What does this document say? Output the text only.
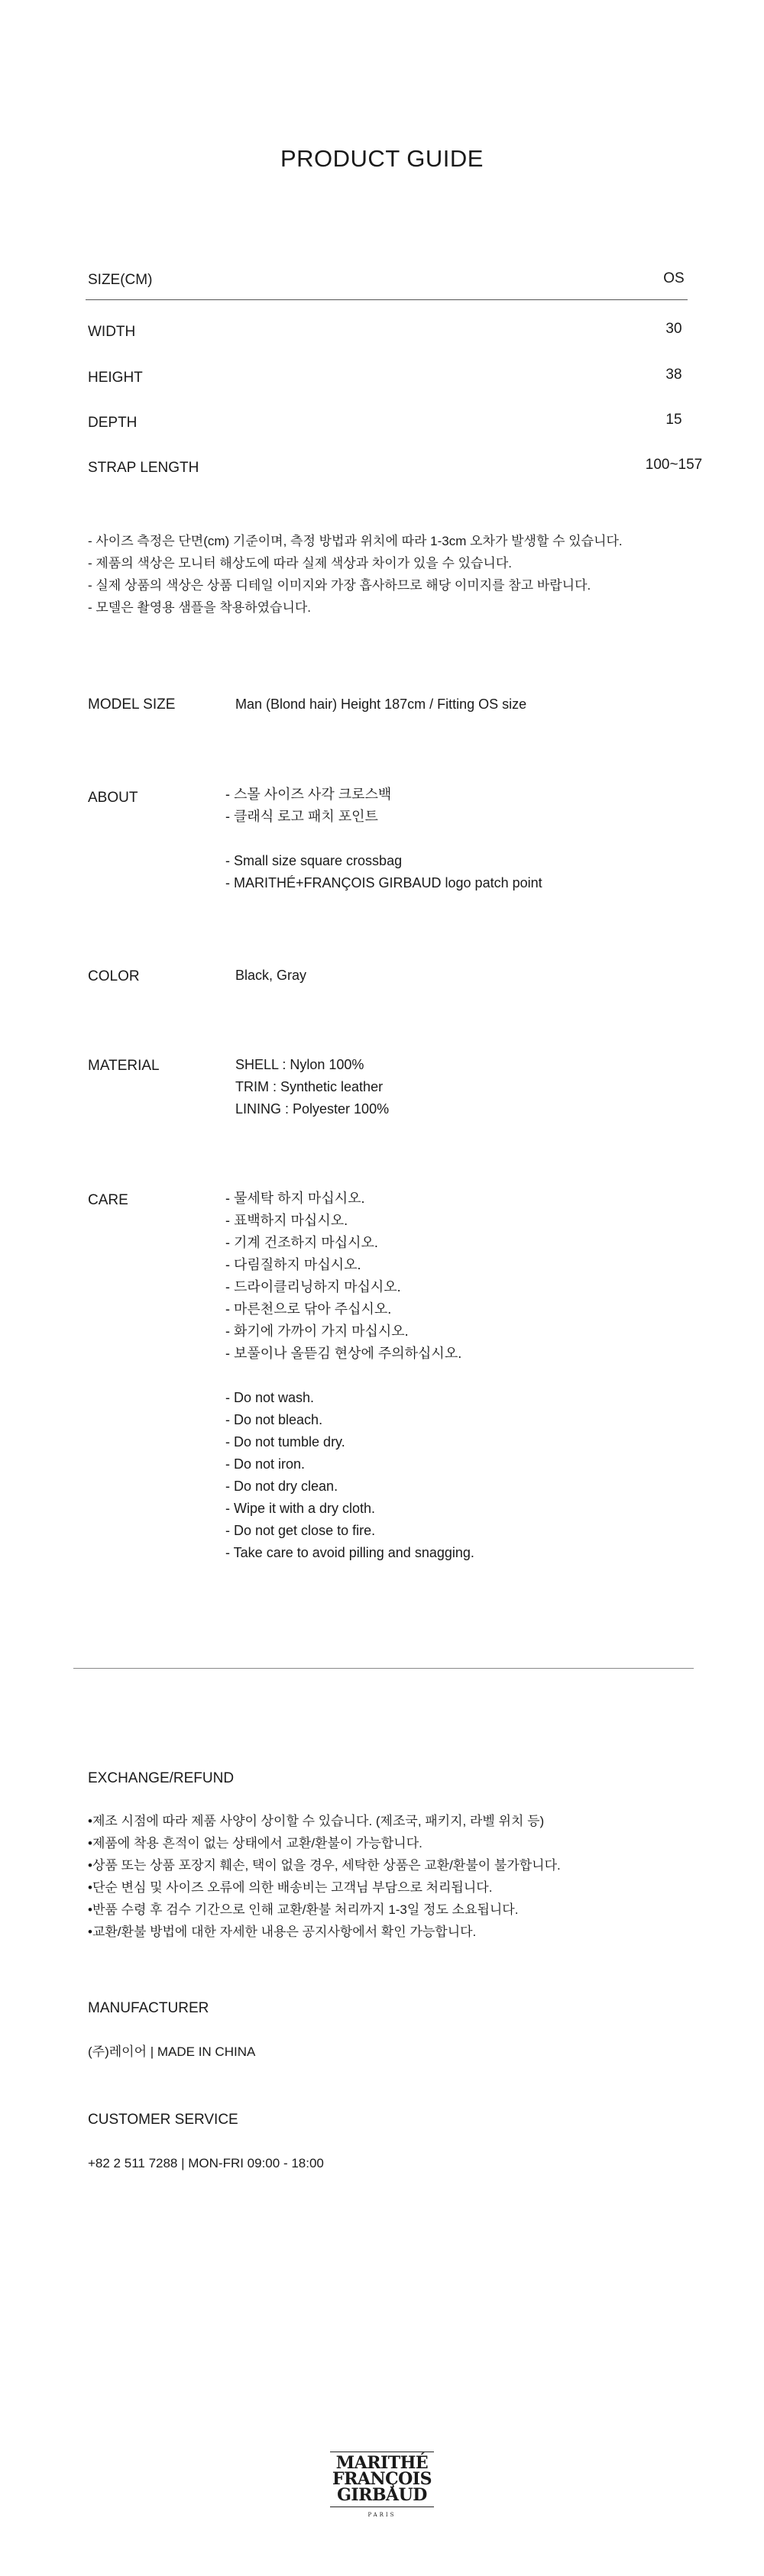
PRODUCT GUIDE
SIZE(CM)	OS
WIDTH	30
HEIGHT	38
DEPTH	15
STRAP LENGTH	100~157
- 사이즈 측정은 단면(cm) 기준이며, 측정 방법과 위치에 따라 1-3cm 오차가 발생할 수 있습니다.
- 제품의 색상은 모니터 해상도에 따라 실제 색상과 차이가 있을 수 있습니다.
- 실제 상품의 색상은 상품 디테일 이미지와 가장 흡사하므로 해당 이미지를 참고 바랍니다.
- 모델은 촬영용 샘플을 착용하였습니다.
MODEL SIZE	Man (Blond hair) Height 187cm / Fitting OS size
ABOUT	- 스몰 사이즈 사각 크로스백
- 클래식 로고 패치 포인트
- Small size square crossbag
- MARITHÉ+FRANÇOIS GIRBAUD logo patch point
COLOR	Black, Gray
MATERIAL	SHELL : Nylon 100%
TRIM : Synthetic leather
LINING : Polyester 100%
CARE	- 물세탁 하지 마십시오.
- 표백하지 마십시오.
- 기계 건조하지 마십시오.
- 다림질하지 마십시오.
- 드라이클리닝하지 마십시오.
- 마른천으로 닦아 주십시오.
- 화기에 가까이 가지 마십시오.
- 보풀이나 올뜯김 현상에 주의하십시오.
- Do not wash.
- Do not bleach.
- Do not tumble dry.
- Do not iron.
- Do not dry clean.
- Wipe it with a dry cloth.
- Do not get close to fire.
- Take care to avoid pilling and snagging.
EXCHANGE/REFUND
•제조 시점에 따라 제품 사양이 상이할 수 있습니다. (제조국, 패키지, 라벨 위치 등)
•제품에 착용 흔적이 없는 상태에서 교환/환불이 가능합니다.
•상품 또는 상품 포장지 훼손, 택이 없을 경우, 세탁한 상품은 교환/환불이 불가합니다.
•단순 변심 및 사이즈 오류에 의한 배송비는 고객님 부담으로 처리됩니다.
•반품 수령 후 검수 기간으로 인해 교환/환불 처리까지 1-3일 정도 소요됩니다.
•교환/환불 방법에 대한 자세한 내용은 공지사항에서 확인 가능합니다.
MANUFACTURER
(주)레이어 | MADE IN CHINA
CUSTOMER SERVICE
+82 2 511 7288 | MON-FRI 09:00 - 18:00
MARITHÉ
FRANÇOIS
GIRBAUD
PARIS
